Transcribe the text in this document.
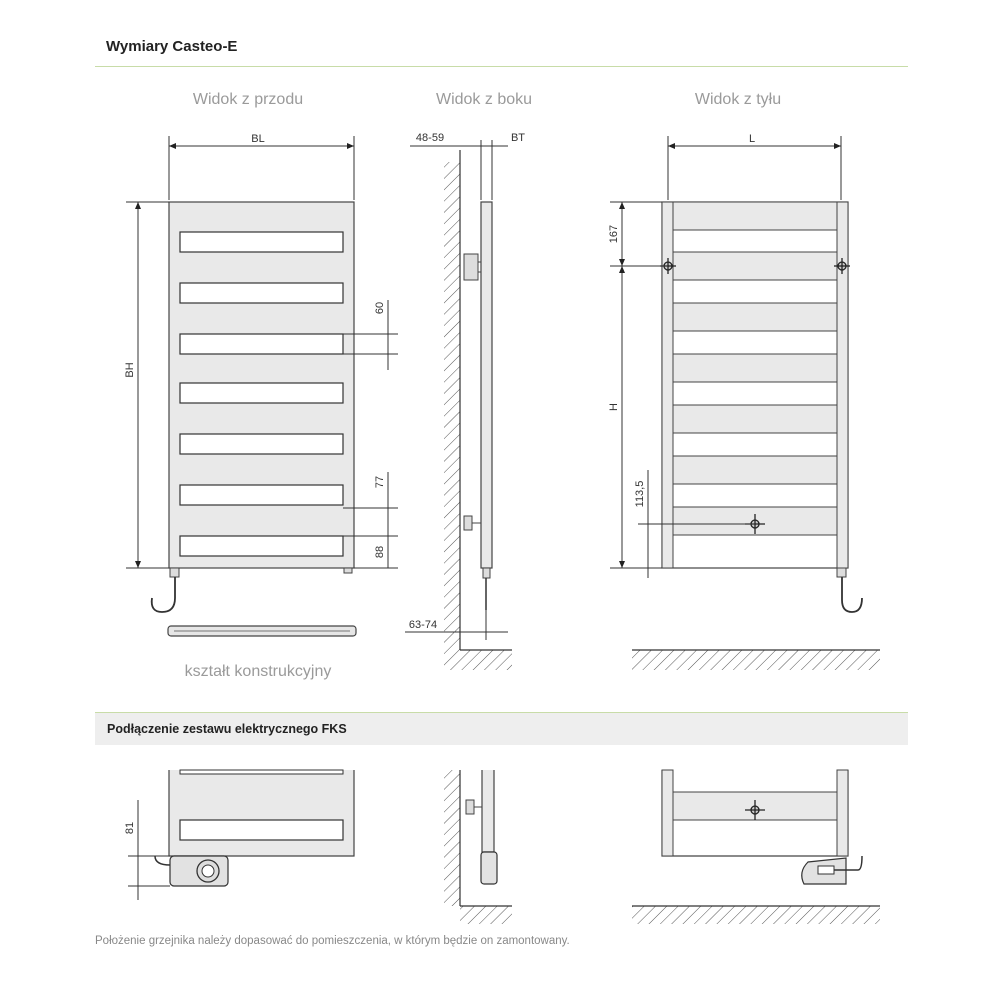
Wymiary Casteo-E
Widok z przodu
BL
BH
60
77
88
kształt konstrukcyjny
Widok z boku
48-59	BT
63-74
Widok z tyłu
L
167
H
113,5
81
Podłączenie zestawu elektrycznego FKS
Położenie grzejnika należy dopasować do pomieszczenia, w którym będzie on zamontowany.
